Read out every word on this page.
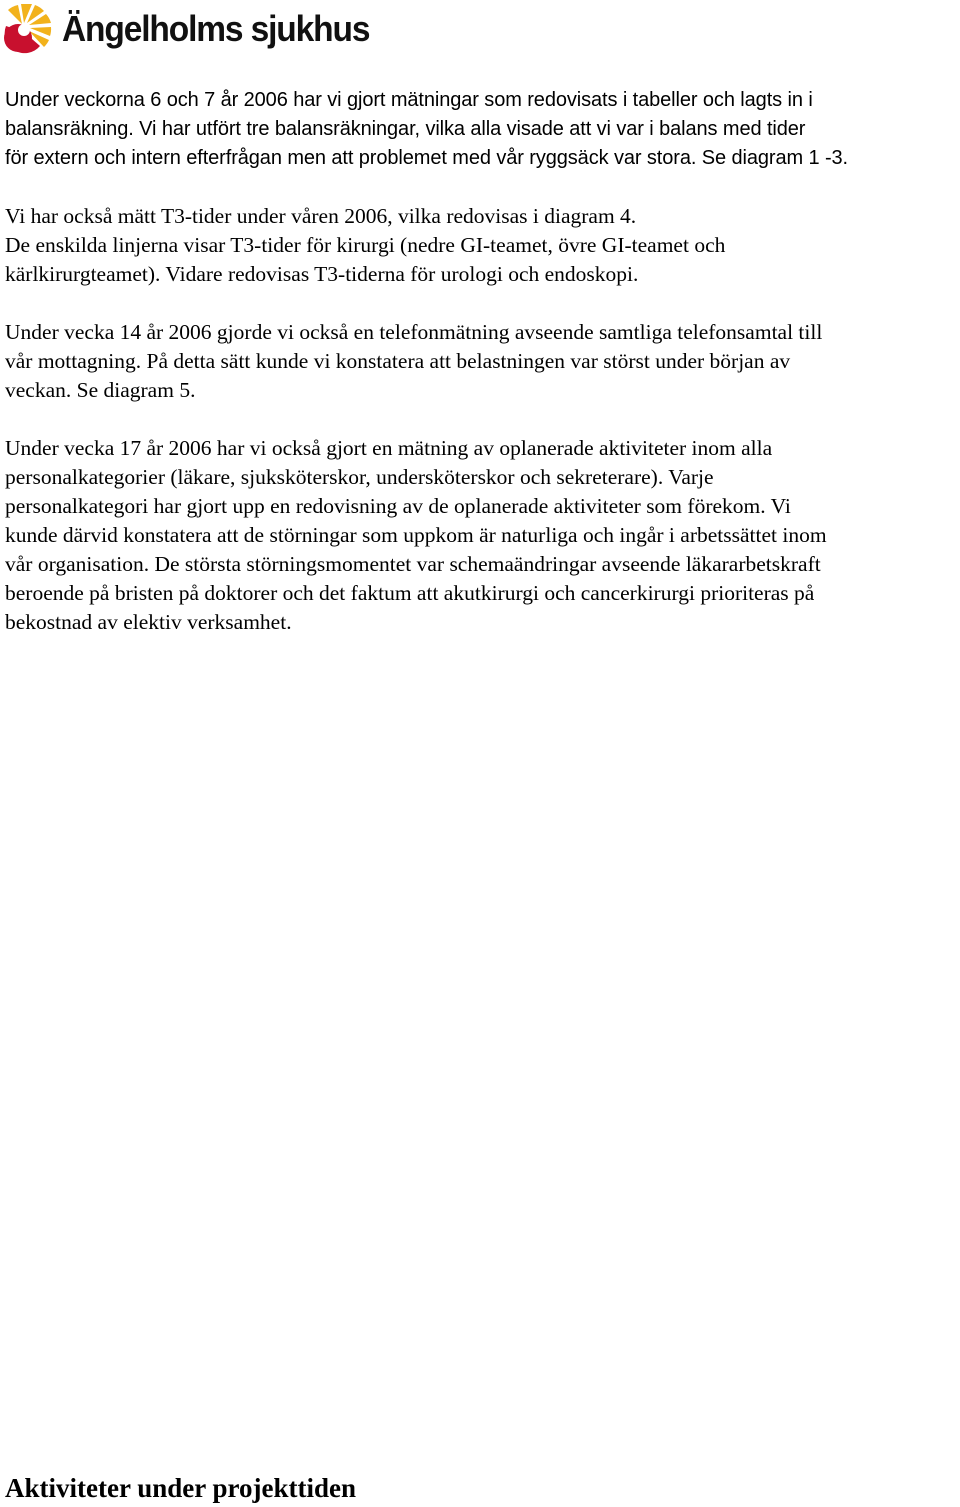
Ängelholms sjukhus

Under veckorna 6 och 7 år 2006 har vi gjort mätningar som redovisats i tabeller och lagts in i
balansräkning. Vi har utfört tre balansräkningar, vilka alla visade att vi var i balans med tider
för extern och intern efterfrågan men att problemet med vår ryggsäck var stora. Se diagram 1 -3.

Vi har också mätt T3-tider under våren 2006, vilka redovisas i diagram 4.
De enskilda linjerna visar T3-tider för kirurgi (nedre GI-teamet, övre GI-teamet och
kärlkirurgteamet). Vidare redovisas T3-tiderna för urologi och endoskopi.

Under vecka 14 år 2006 gjorde vi också en telefonmätning avseende samtliga telefonsamtal till
vår mottagning. På detta sätt kunde vi konstatera att belastningen var störst under början av
veckan. Se diagram 5.

Under vecka 17 år 2006 har vi också gjort en mätning av oplanerade aktiviteter inom alla
personalkategorier (läkare, sjuksköterskor, undersköterskor och sekreterare). Varje
personalkategori har gjort upp en redovisning av de oplanerade aktiviteter som förekom. Vi
kunde därvid konstatera att de störningar som uppkom är naturliga och ingår i arbetssättet inom
vår organisation. De största störningsmomentet var schemaändringar avseende läkararbetskraft
beroende på bristen på doktorer och det faktum att akutkirurgi och cancerkirurgi prioriteras på
bekostnad av elektiv verksamhet.

Aktiviteter under projekttiden
